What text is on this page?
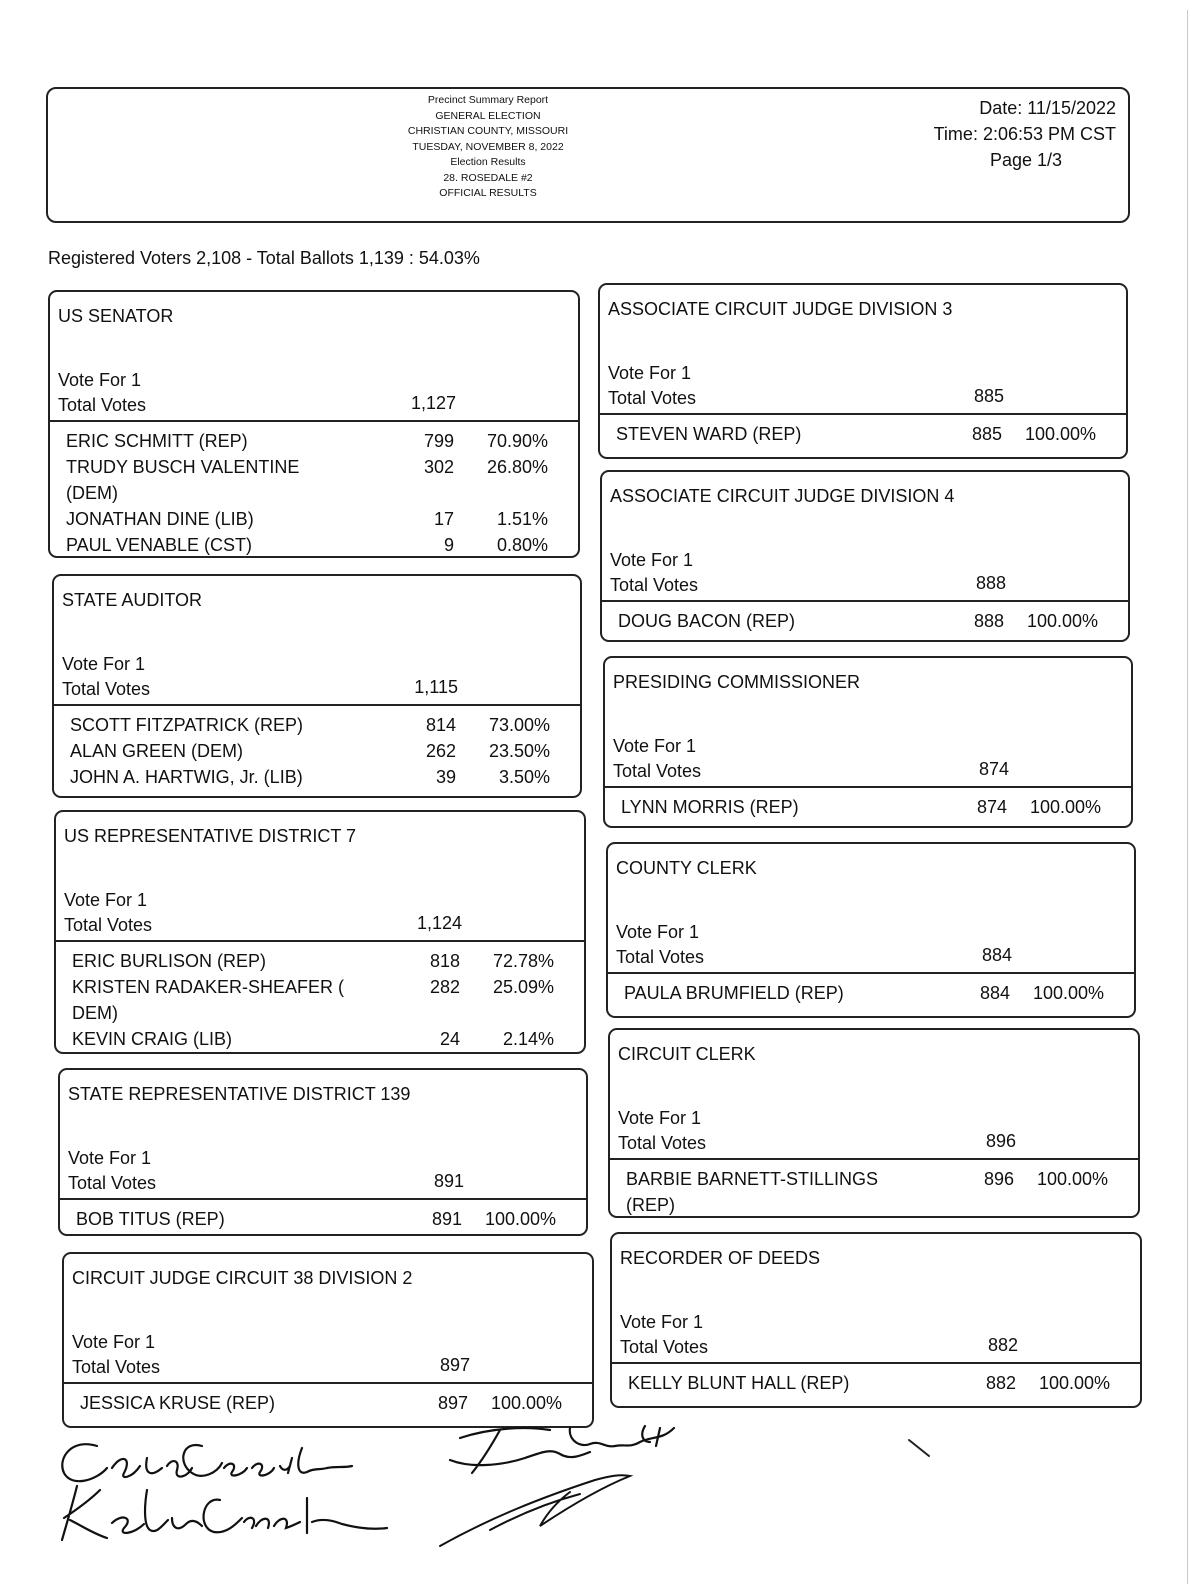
Precinct Summary Report
GENERAL ELECTION
CHRISTIAN COUNTY, MISSOURI
TUESDAY, NOVEMBER 8, 2022
Election Results
28. ROSEDALE #2
OFFICIAL RESULTS
Date: 11/15/2022
Time: 2:06:53 PM CST
Page 1/3
Registered Voters 2,108 - Total Ballots 1,139 : 54.03%
US SENATOR
Vote For 1
Total Votes	1,127
ERIC SCHMITT (REP)	799	70.90%
TRUDY BUSCH VALENTINE
(DEM)
302	26.80%
JONATHAN DINE (LIB)	17	1.51%
PAUL VENABLE (CST)	9	0.80%
STATE AUDITOR
Vote For 1
Total Votes	1,115
SCOTT FITZPATRICK (REP)	814	73.00%
ALAN GREEN (DEM)	262	23.50%
JOHN A. HARTWIG, Jr. (LIB)	39	3.50%
US REPRESENTATIVE DISTRICT 7
Vote For 1
Total Votes	1,124
ERIC BURLISON (REP)	818	72.78%
KRISTEN RADAKER-SHEAFER (
DEM)
282	25.09%
KEVIN CRAIG (LIB)	24	2.14%
STATE REPRESENTATIVE DISTRICT 139
Vote For 1
Total Votes	891
BOB TITUS (REP)	891	100.00%
CIRCUIT JUDGE CIRCUIT 38 DIVISION 2
Vote For 1
Total Votes	897
JESSICA KRUSE (REP)	897	100.00%
ASSOCIATE CIRCUIT JUDGE DIVISION 3
Vote For 1
Total Votes	885
STEVEN WARD (REP)	885	100.00%
ASSOCIATE CIRCUIT JUDGE DIVISION 4
Vote For 1
Total Votes	888
DOUG BACON (REP)	888	100.00%
PRESIDING COMMISSIONER
Vote For 1
Total Votes	874
LYNN MORRIS (REP)	874	100.00%
COUNTY CLERK
Vote For 1
Total Votes	884
PAULA BRUMFIELD (REP)	884	100.00%
CIRCUIT CLERK
Vote For 1
Total Votes	896
BARBIE BARNETT-STILLINGS
(REP)
896	100.00%
RECORDER OF DEEDS
Vote For 1
Total Votes	882
KELLY BLUNT HALL (REP)	882	100.00%
